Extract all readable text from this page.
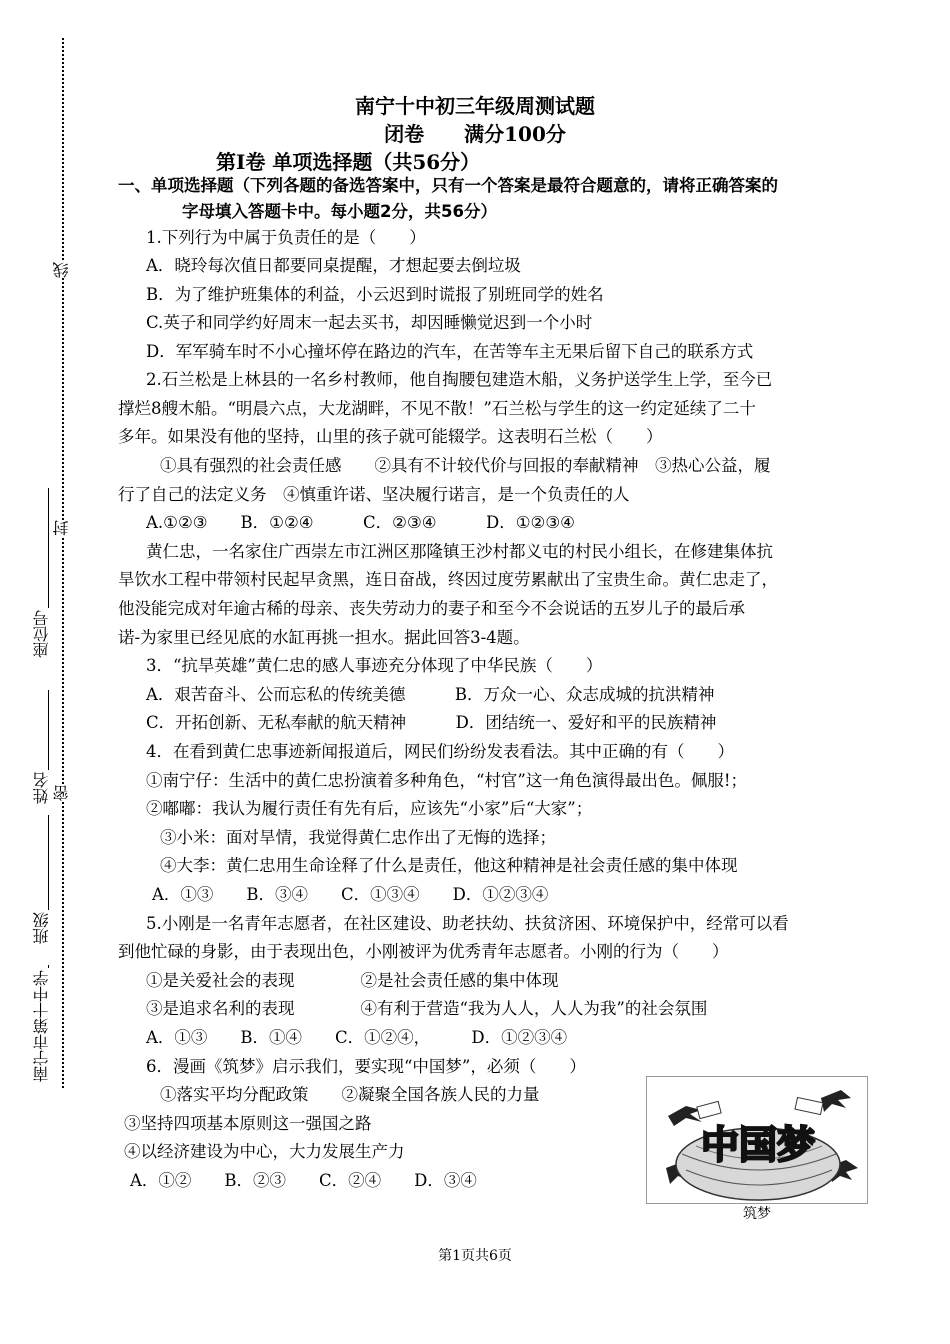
线
封
密
座位号
姓名
班级
南宁市第十中学
南宁十中初三年级周测试题
闭卷　　满分100分
第Ⅰ卷 单项选择题（共56分）
一、单项选择题（下列各题的备选答案中，只有一个答案是最符合题意的，请将正确答案的
字母填入答题卡中。每小题2分，共56分）
1.下列行为中属于负责任的是（　　）
A．晓玲每次值日都要同桌提醒，才想起要去倒垃圾
B．为了维护班集体的利益，小云迟到时谎报了别班同学的姓名
C.英子和同学约好周末一起去买书，却因睡懒觉迟到一个小时
D．军军骑车时不小心撞坏停在路边的汽车，在苦等车主无果后留下自己的联系方式
2.石兰松是上林县的一名乡村教师，他自掏腰包建造木船，义务护送学生上学，至今已
撑烂8艘木船。“明晨六点，大龙湖畔，不见不散！”石兰松与学生的这一约定延续了二十
多年。如果没有他的坚持，山里的孩子就可能辍学。这表明石兰松（　　）
①具有强烈的社会责任感　　②具有不计较代价与回报的奉献精神　③热心公益，履
行了自己的法定义务　④慎重许诺、坚决履行诺言，是一个负责任的人
A.①②③　　B．①②④　　　C．②③④　　　D．①②③④
黄仁忠，一名家住广西崇左市江洲区那隆镇王沙村都义屯的村民小组长，在修建集体抗
旱饮水工程中带领村民起早贪黑，连日奋战，终因过度劳累献出了宝贵生命。黄仁忠走了，
他没能完成对年逾古稀的母亲、丧失劳动力的妻子和至今不会说话的五岁儿子的最后承
诺-为家里已经见底的水缸再挑一担水。据此回答3-4题。
3．“抗旱英雄”黄仁忠的感人事迹充分体现了中华民族（　　）
A．艰苦奋斗、公而忘私的传统美德　　　B．万众一心、众志成城的抗洪精神
C．开拓创新、无私奉献的航天精神　　　D．团结统一、爱好和平的民族精神
4．在看到黄仁忠事迹新闻报道后，网民们纷纷发表看法。其中正确的有（　　）
①南宁仔：生活中的黄仁忠扮演着多种角色，“村官”这一角色演得最出色。佩服!；
②嘟嘟：我认为履行责任有先有后，应该先“小家”后“大家”；
③小米：面对旱情，我觉得黄仁忠作出了无悔的选择；
④大李：黄仁忠用生命诠释了什么是责任，他这种精神是社会责任感的集中体现
A．①③　　B．③④　　C．①③④　　D．①②③④
5.小刚是一名青年志愿者，在社区建设、助老扶幼、扶贫济困、环境保护中，经常可以看
到他忙碌的身影，由于表现出色，小刚被评为优秀青年志愿者。小刚的行为（　　）
①是关爱社会的表现　　　　②是社会责任感的集中体现
③是追求名利的表现　　　　④有利于营造“我为人人，人人为我”的社会氛围
A．①③　　B．①④　　C．①②④，　　　D．①②③④
6．漫画《筑梦》启示我们，要实现“中国梦”，必须（　　）
①落实平均分配政策　　②凝聚全国各族人民的力量
③坚持四项基本原则这一强国之路
④以经济建设为中心，大力发展生产力
A．①②　　B．②③　　C．②④　　D．③④
中国梦
筑梦
第1页共6页
